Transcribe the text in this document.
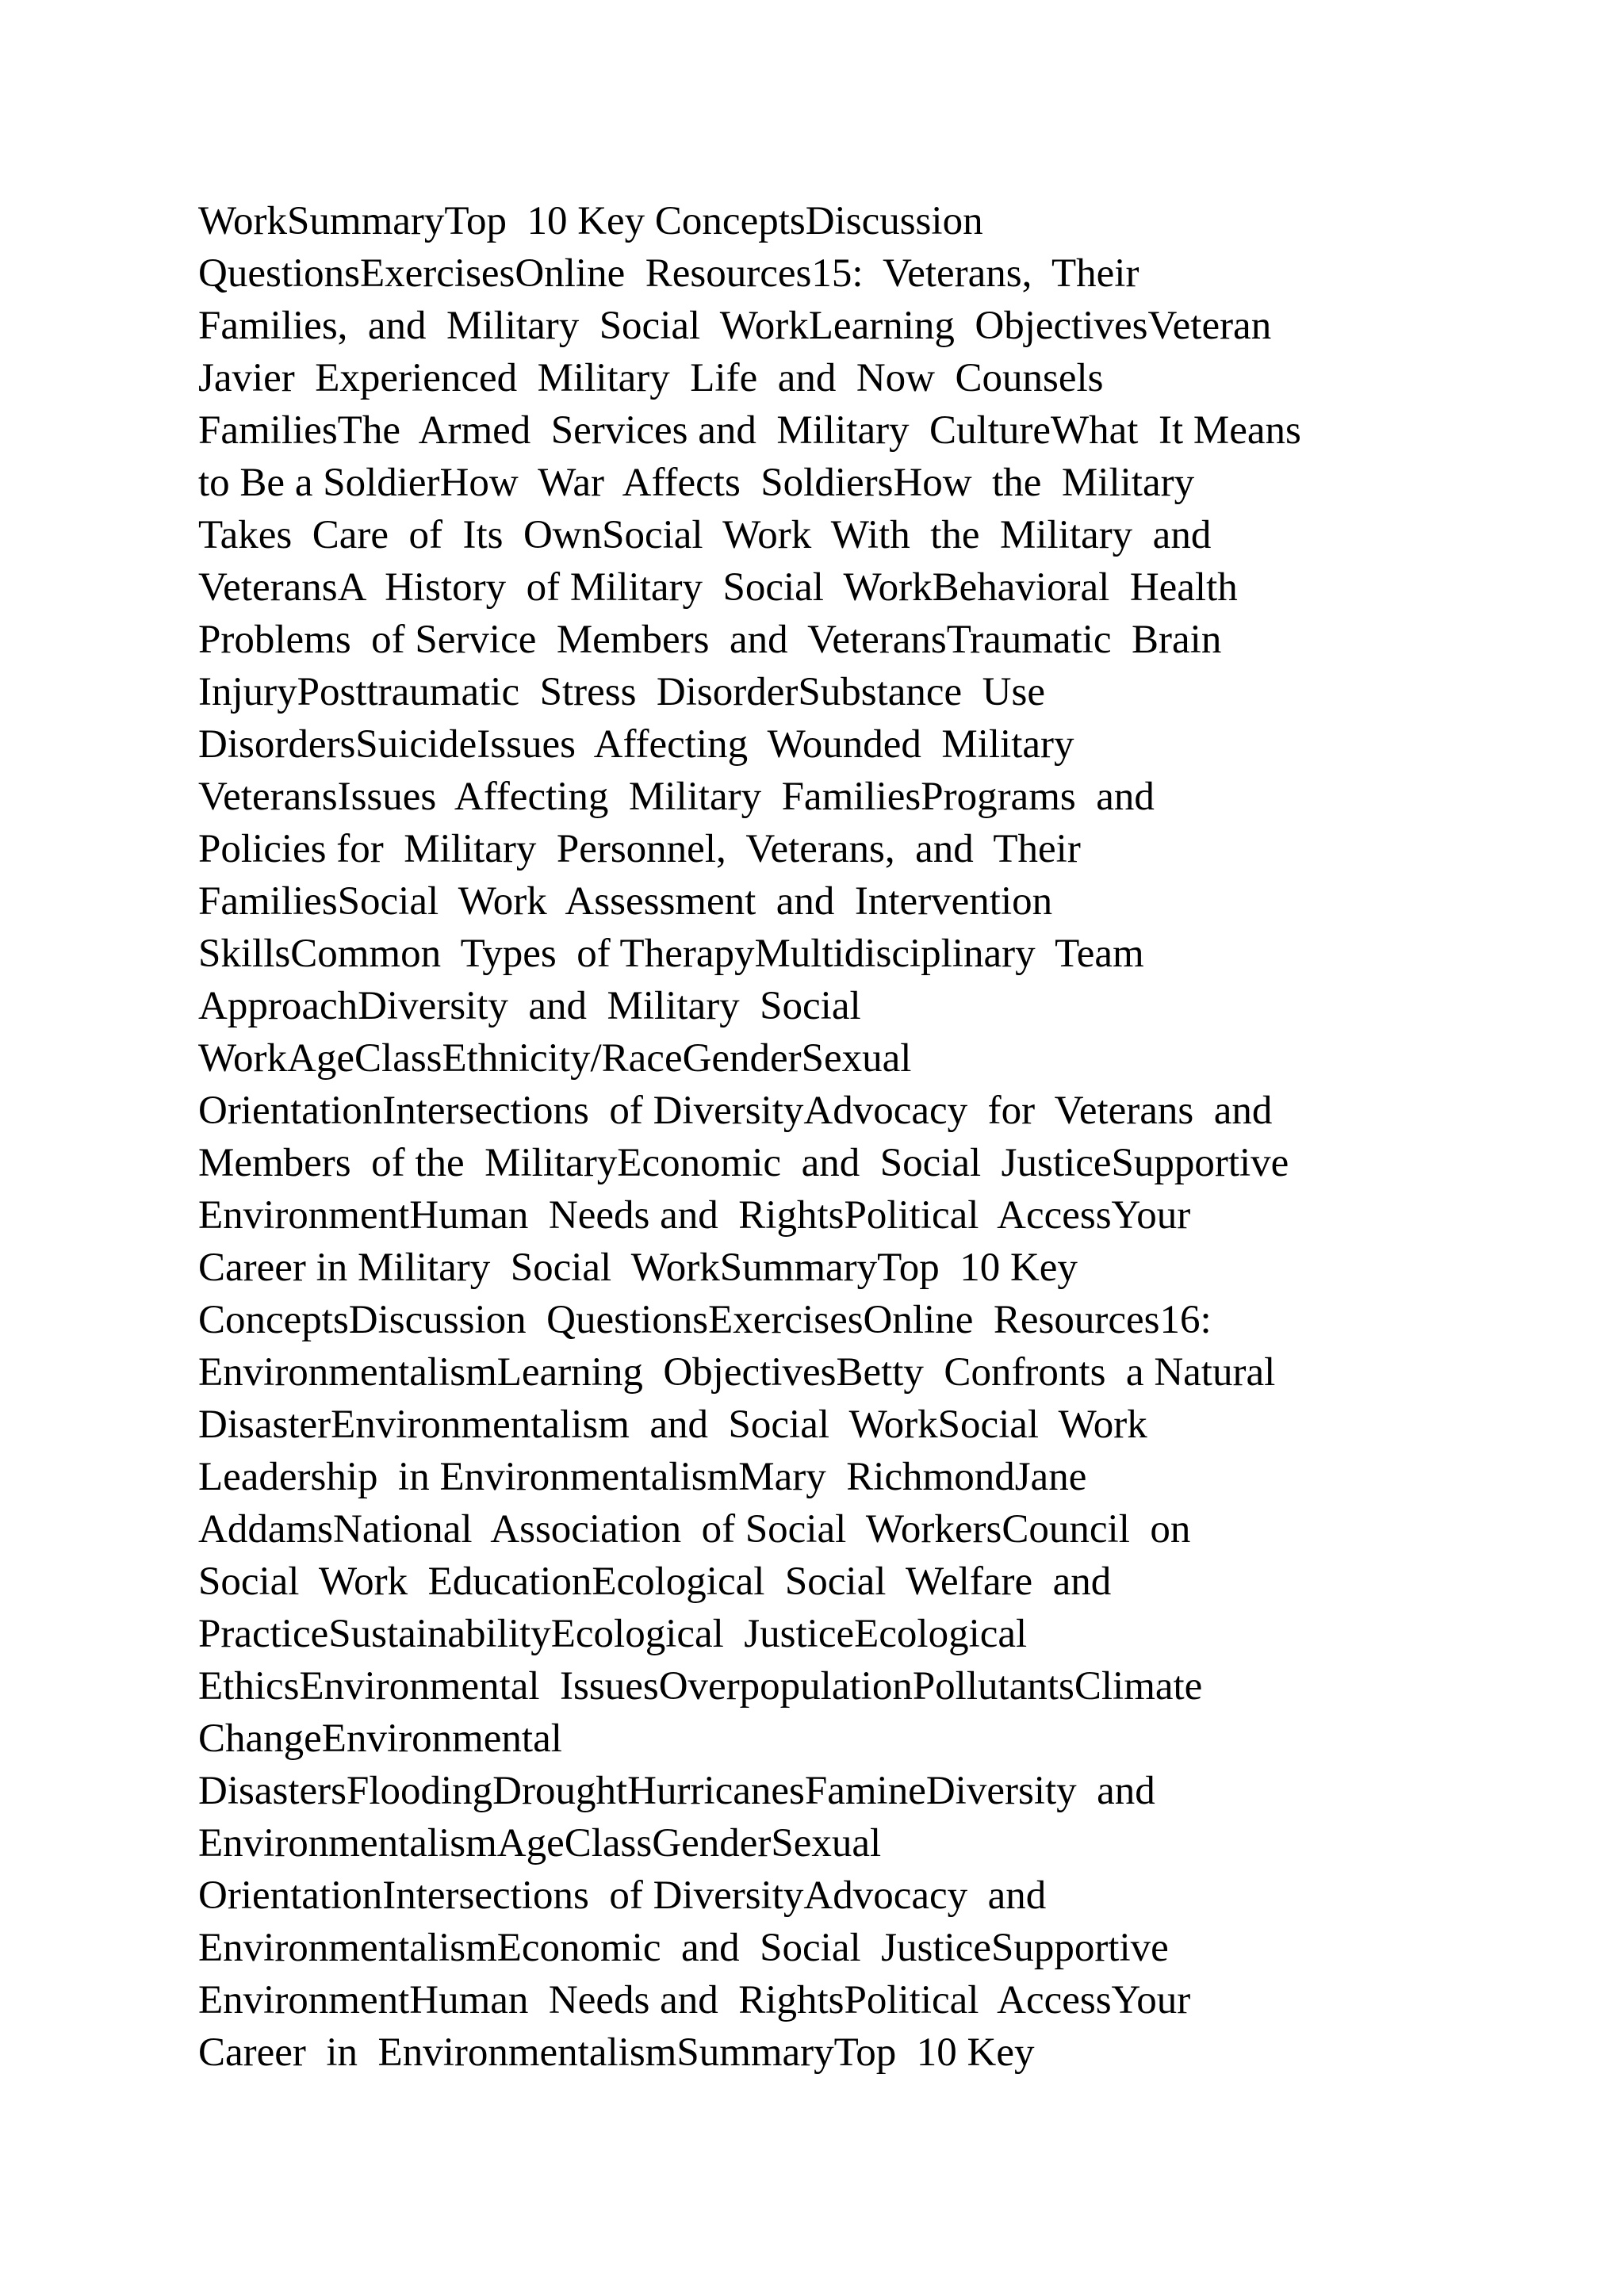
WorkSummaryTop  10 Key ConceptsDiscussion
QuestionsExercisesOnline  Resources15:  Veterans,  Their
Families,  and  Military  Social  WorkLearning  ObjectivesVeteran
Javier  Experienced  Military  Life  and  Now  Counsels
FamiliesThe  Armed  Services and  Military  CultureWhat  It Means
to Be a SoldierHow  War  Affects  SoldiersHow  the  Military
Takes  Care  of  Its  OwnSocial  Work  With  the  Military  and
VeteransA  History  of Military  Social  WorkBehavioral  Health
Problems  of Service  Members  and  VeteransTraumatic  Brain
InjuryPosttraumatic  Stress  DisorderSubstance  Use
DisordersSuicideIssues  Affecting  Wounded  Military
VeteransIssues  Affecting  Military  FamiliesPrograms  and
Policies for  Military  Personnel,  Veterans,  and  Their
FamiliesSocial  Work  Assessment  and  Intervention
SkillsCommon  Types  of TherapyMultidisciplinary  Team
ApproachDiversity  and  Military  Social
WorkAgeClassEthnicity/RaceGenderSexual
OrientationIntersections  of DiversityAdvocacy  for  Veterans  and
Members  of the  MilitaryEconomic  and  Social  JusticeSupportive
EnvironmentHuman  Needs and  RightsPolitical  AccessYour
Career in Military  Social  WorkSummaryTop  10 Key
ConceptsDiscussion  QuestionsExercisesOnline  Resources16:
EnvironmentalismLearning  ObjectivesBetty  Confronts  a Natural
DisasterEnvironmentalism  and  Social  WorkSocial  Work
Leadership  in EnvironmentalismMary  RichmondJane
AddamsNational  Association  of Social  WorkersCouncil  on
Social  Work  EducationEcological  Social  Welfare  and
PracticeSustainabilityEcological  JusticeEcological
EthicsEnvironmental  IssuesOverpopulationPollutantsClimate
ChangeEnvironmental
DisastersFloodingDroughtHurricanesFamineDiversity  and
EnvironmentalismAgeClassGenderSexual
OrientationIntersections  of DiversityAdvocacy  and
EnvironmentalismEconomic  and  Social  JusticeSupportive
EnvironmentHuman  Needs and  RightsPolitical  AccessYour
Career  in  EnvironmentalismSummaryTop  10 Key
